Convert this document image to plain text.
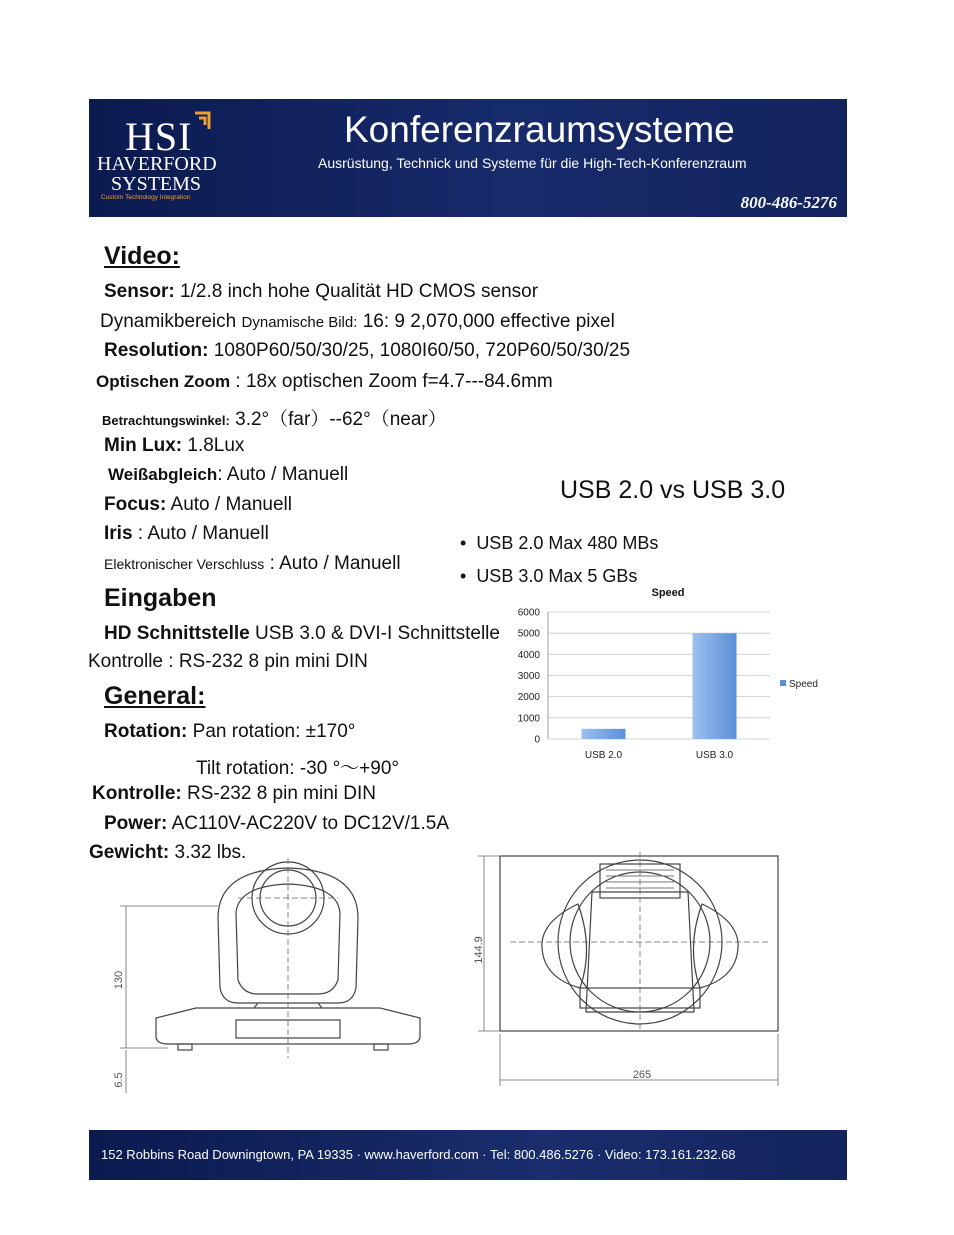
HSI
HAVERFORD
SYSTEMS
Custom Technology Integration
Konferenzraumsysteme
Ausrüstung, Technick und Systeme für die High-Tech-Konferenzraum
800-486-5276
Video:
Sensor: 1/2.8 inch hohe Qualität HD CMOS sensor
Dynamikbereich Dynamische Bild: 16: 9 2,070,000 effective pixel
Resolution: 1080P60/50/30/25, 1080I60/50, 720P60/50/30/25
Optischen Zoom : 18x optischen Zoom f=4.7---84.6mm
Betrachtungswinkel: 3.2°（far）--62°（near）
Min Lux: 1.8Lux
Weißabgleich: Auto / Manuell
Focus: Auto / Manuell
Iris : Auto / Manuell
Elektronischer Verschluss : Auto / Manuell
Eingaben
HD Schnittstelle USB 3.0 & DVI-I Schnittstelle
Kontrolle : RS-232 8 pin mini DIN
General:
Rotation: Pan rotation: ±170°
Tilt rotation: -30 °～+90°
Kontrolle: RS-232 8 pin mini DIN
Power: AC110V-AC220V to DC12V/1.5A
Gewicht: 3.32 lbs.
USB 2.0 vs USB 3.0
• USB 2.0 Max 480 MBs
• USB 3.0 Max 5 GBs
Speed
0
1000
2000
3000
4000
5000
6000
USB 2.0	USB 3.0
Speed
130
6.5
144.9
265
152 Robbins Road Downingtown, PA 19335 · www.haverford.com · Tel: 800.486.5276 · Video: 173.161.232.68
